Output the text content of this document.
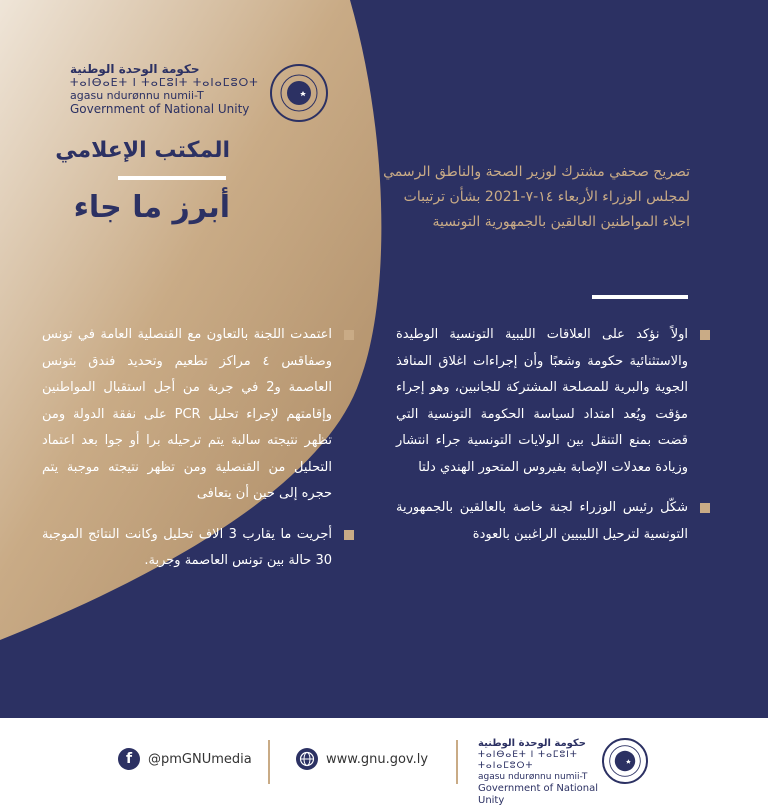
حكومة الوحدة الوطنية
ⵜⴰⵏⴱⴰⴹⵜ ⵏ ⵜⴰⵎⵓⵏⵜ ⵜⴰⵏⴰⵎⵓⵔⵜ
agasu ndurønnu numii-T
Government of National Unity
المكتب الإعلامي
أبرز ما جاء
تصريح صحفي مشترك لوزير الصحة والناطق الرسمي لمجلس الوزراء الأربعاء ١٤-٧-2021 بشأن ترتيبات اجلاء المواطنين العالقين بالجمهورية التونسية
اولاً نؤكد على العلاقات الليبية التونسية الوطيدة والاستثنائية حكومة وشعبًا وأن إجراءات اغلاق المنافذ الجوية والبرية للمصلحة المشتركة للجانبين، وهو إجراء مؤقت ويُعد امتداد لسياسة الحكومة التونسية التي قضت بمنع التنقل بين الولايات التونسية جراء انتشار وزيادة معدلات الإصابة بفيروس المتحور الهندي دلتا
شكّل رئيس الوزراء لجنة خاصة بالعالقين بالجمهورية التونسية لترحيل الليبيين الراغبين بالعودة
اعتمدت اللجنة بالتعاون مع القنصلية العامة في تونس وصفاقس ٤ مراكز تطعيم وتحديد فندق بتونس العاصمة و2 في جربة من أجل استقبال المواطنين وإقامتهم لإجراء تحليل PCR على نفقة الدولة ومن تظهر نتيجته سالبة يتم ترحيله برا أو جوا بعد اعتماد التحليل من القنصلية ومن تظهر نتيجته موجبة يتم حجره إلى حين أن يتعافى
أجريت ما يقارب 3 الاف تحليل وكانت النتائج الموجبة 30 حالة بين تونس العاصمة وجربة.
f	@pmGNUmedia	www.gnu.gov.ly
حكومة الوحدة الوطنية
ⵜⴰⵏⴱⴰⴹⵜ ⵏ ⵜⴰⵎⵓⵏⵜ ⵜⴰⵏⴰⵎⵓⵔⵜ
agasu ndurønnu numii-T
Government of National Unity
